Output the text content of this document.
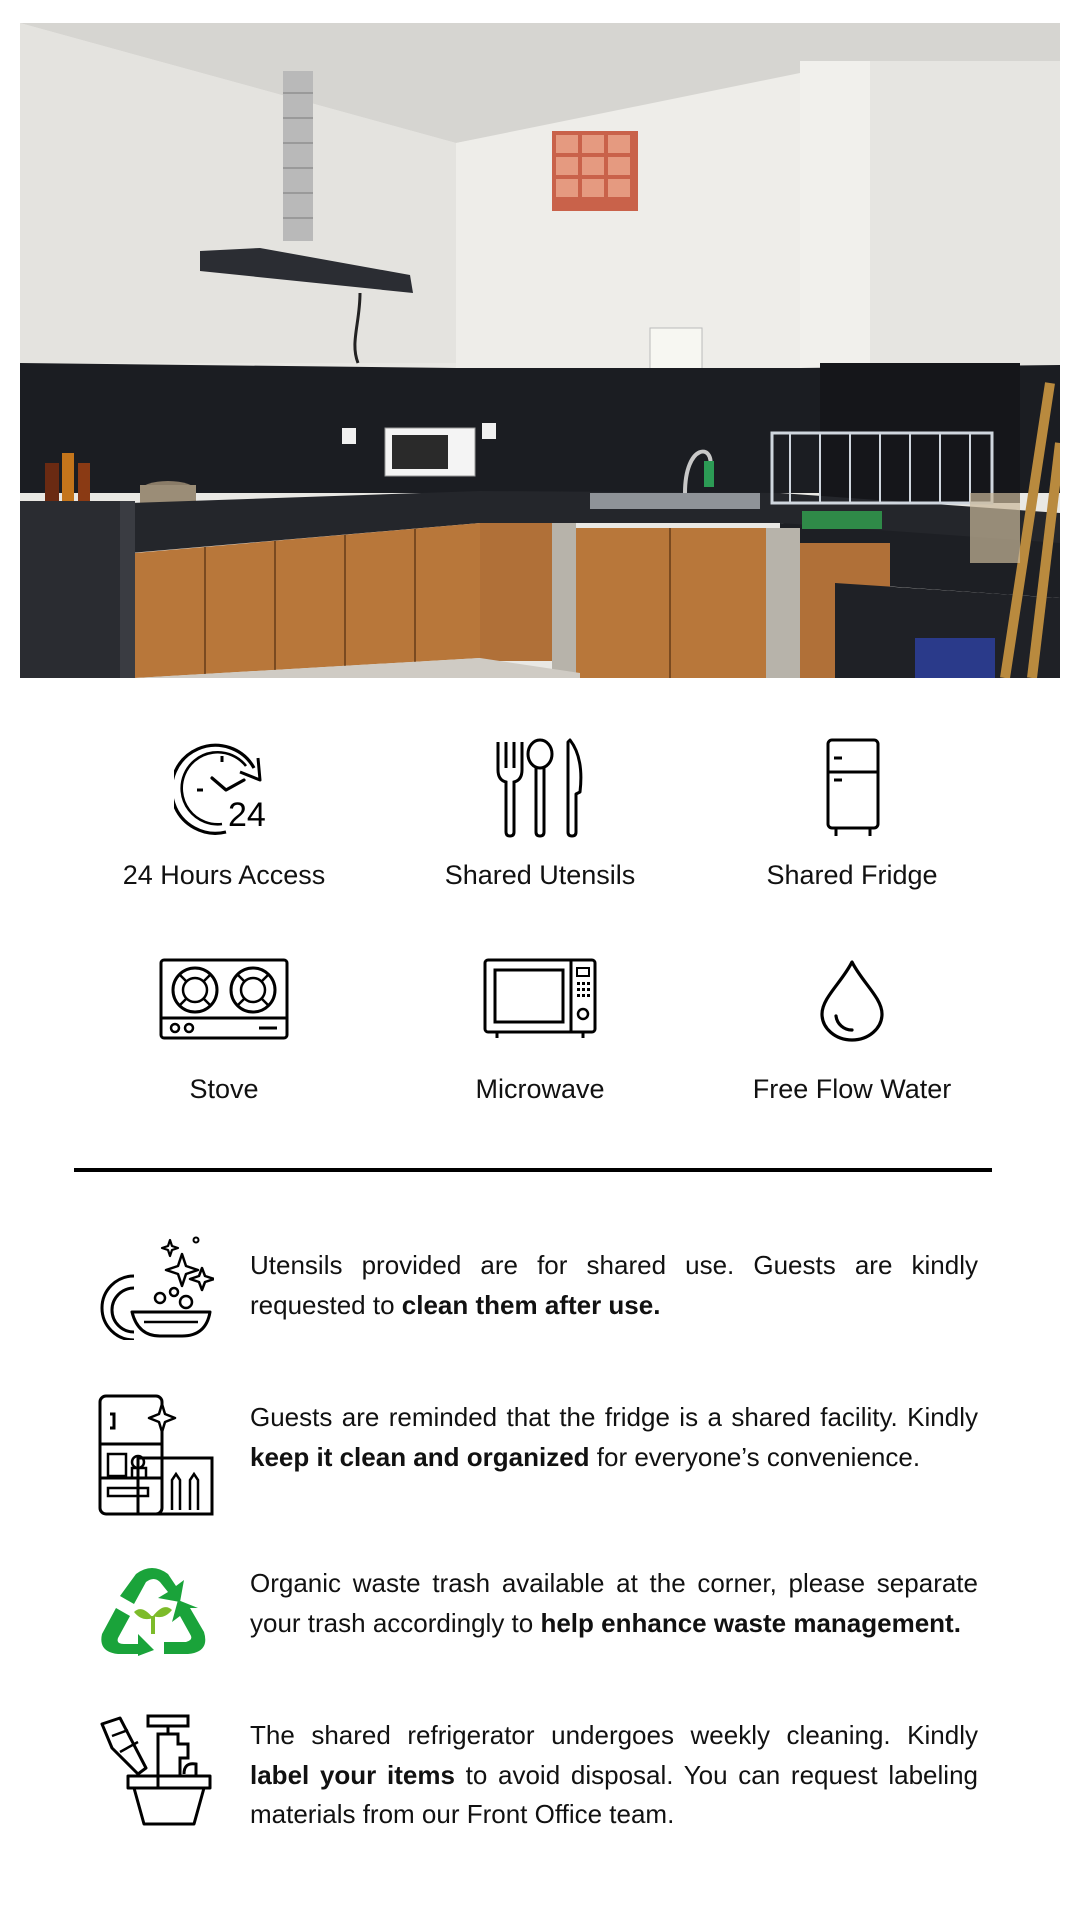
24
24 Hours Access	Shared Utensils	Shared Fridge
Stove	Microwave	Free Flow Water
Utensils provided are for shared use. Guests are kindly requested to clean them after use.
Guests are reminded that the fridge is a shared facility. Kindly keep it clean and organized for everyone’s convenience.
Organic waste trash available at the corner, please separate your trash accordingly to help enhance waste management.
The shared refrigerator undergoes weekly cleaning. Kindly label your items to avoid disposal. You can request labeling materials from our Front Office team.
